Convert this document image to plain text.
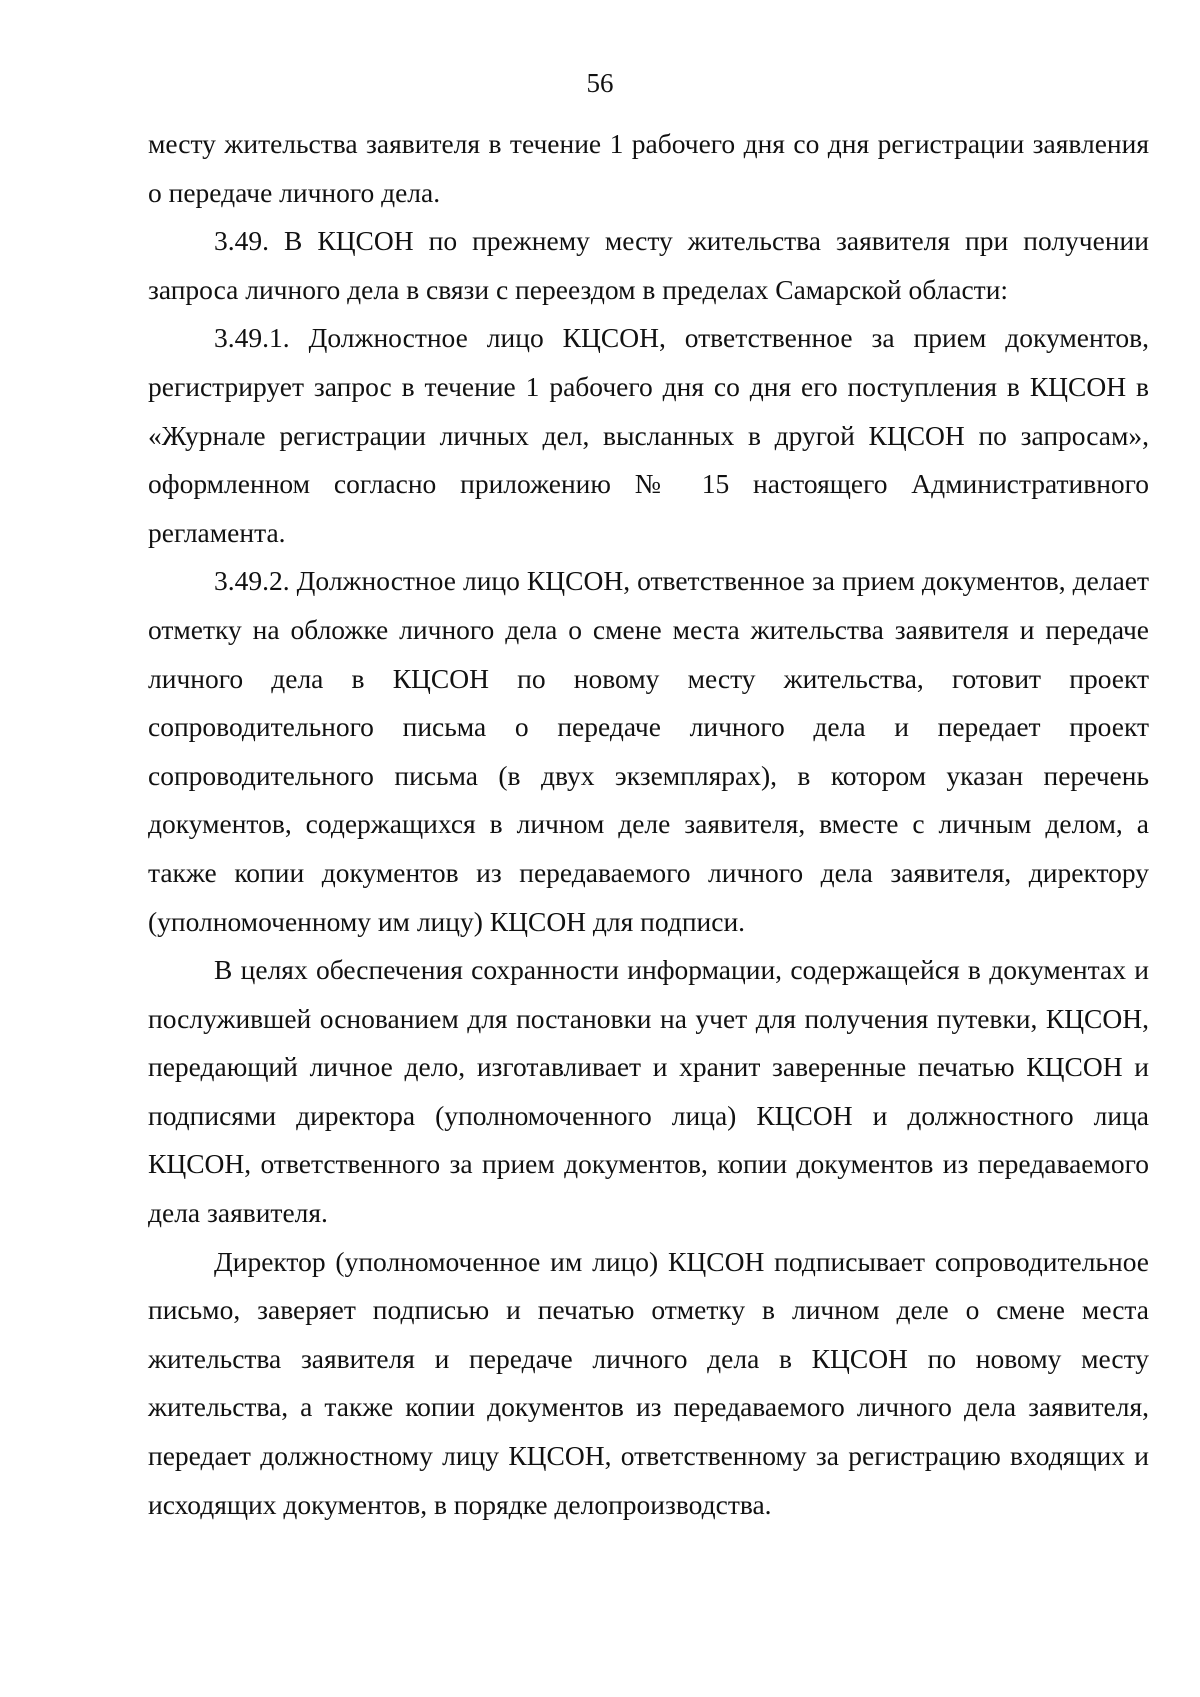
56

месту жительства заявителя в течение 1 рабочего дня со дня регистрации заявления о передаче личного дела.

3.49. В КЦСОН по прежнему месту жительства заявителя при получении запроса личного дела в связи с переездом в пределах Самарской области:

3.49.1. Должностное лицо КЦСОН, ответственное за прием документов, регистрирует запрос в течение 1 рабочего дня со дня его поступления в КЦСОН в «Журнале регистрации личных дел, высланных в другой КЦСОН по запросам», оформленном согласно приложению № 15 настоящего Административного регламента.

3.49.2. Должностное лицо КЦСОН, ответственное за прием документов, делает отметку на обложке личного дела о смене места жительства заявителя и передаче личного дела в КЦСОН по новому месту жительства, готовит проект сопроводительного письма о передаче личного дела и передает проект сопроводительного письма (в двух экземплярах), в котором указан перечень документов, содержащихся в личном деле заявителя, вместе с личным делом, а также копии документов из передаваемого личного дела заявителя, директору (уполномоченному им лицу) КЦСОН для подписи.

В целях обеспечения сохранности информации, содержащейся в документах и послужившей основанием для постановки на учет для получения путевки, КЦСОН, передающий личное дело, изготавливает и хранит заверенные печатью КЦСОН и подписями директора (уполномоченного лица) КЦСОН и должностного лица КЦСОН, ответственного за прием документов, копии документов из передаваемого дела заявителя.

Директор (уполномоченное им лицо) КЦСОН подписывает сопроводительное письмо, заверяет подписью и печатью отметку в личном деле о смене места жительства заявителя и передаче личного дела в КЦСОН по новому месту жительства, а также копии документов из передаваемого личного дела заявителя, передает должностному лицу КЦСОН, ответственному за регистрацию входящих и исходящих документов, в порядке делопроизводства.
